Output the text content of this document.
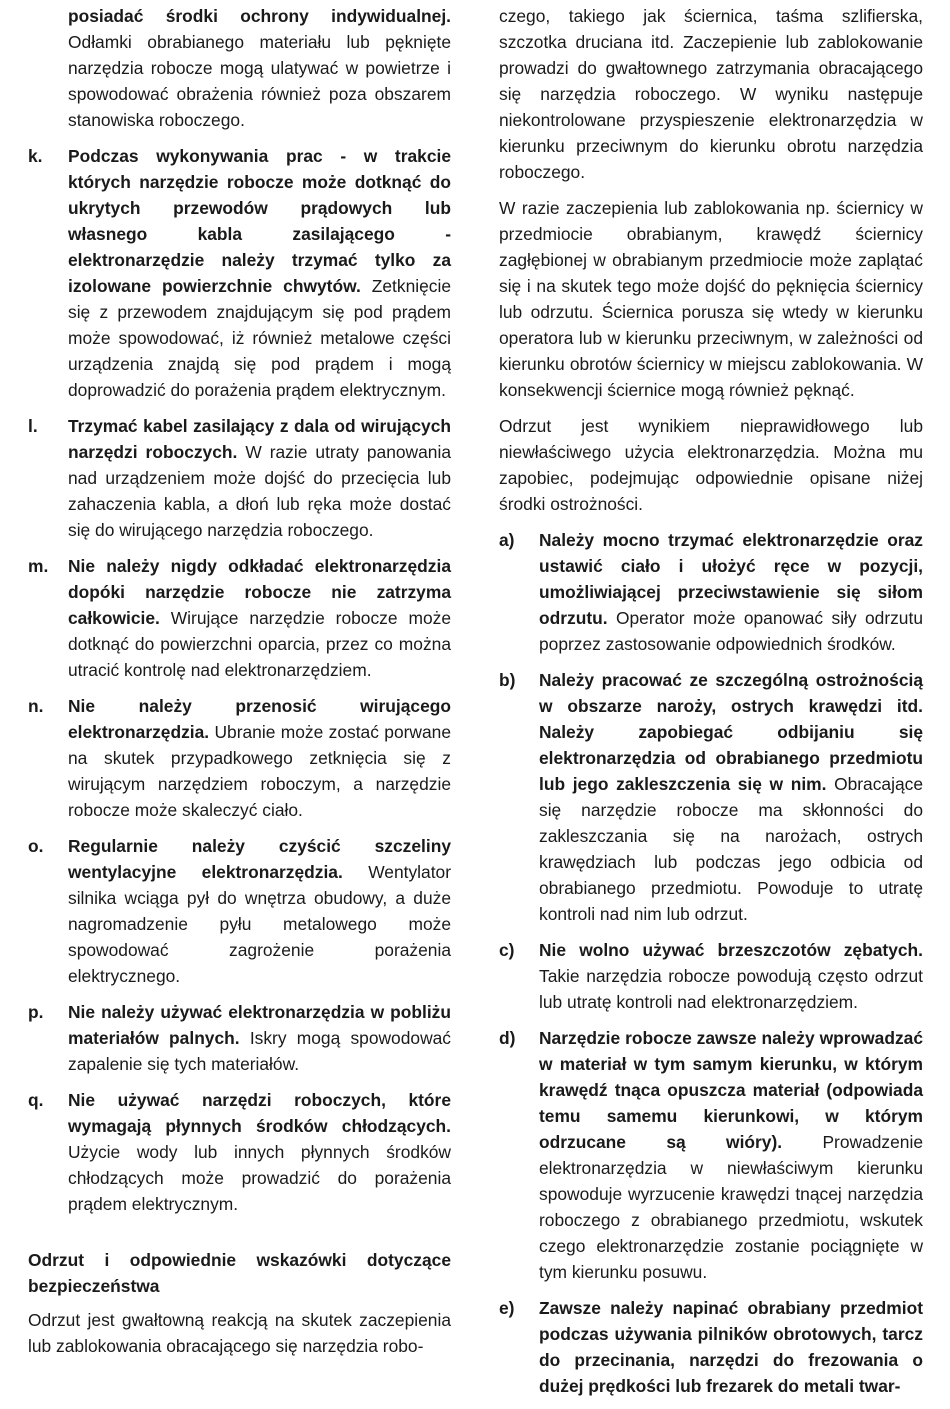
posiadać środki ochrony indywidualnej. Odłamki obrabianego materiału lub pęknięte narzędzia robocze mogą ulatywać w powietrze i spowodować obrażenia również poza obszarem stanowiska roboczego.
k. Podczas wykonywania prac - w trakcie których narzędzie robocze może dotknąć do ukrytych przewodów prądowych lub własnego kabla zasilającego - elektronarzędzie należy trzymać tylko za izolowane powierzchnie chwytów. Zetknięcie się z przewodem znajdującym się pod prądem może spowodować, iż również metalowe części urządzenia znajdą się pod prądem i mogą doprowadzić do porażenia prądem elektrycznym.
l. Trzymać kabel zasilający z dala od wirujących narzędzi roboczych. W razie utraty panowania nad urządzeniem może dojść do przecięcia lub zahaczenia kabla, a dłoń lub ręka może dostać się do wirującego narzędzia roboczego.
m. Nie należy nigdy odkładać elektronarzędzia dopóki narzędzie robocze nie zatrzyma całkowicie. Wirujące narzędzie robocze może dotknąć do powierzchni oparcia, przez co można utracić kontrolę nad elektronarzędziem.
n. Nie należy przenosić wirującego elektronarzędzia. Ubranie może zostać porwane na skutek przypadkowego zetknięcia się z wirującym narzędziem roboczym, a narzędzie robocze może skaleczyć ciało.
o. Regularnie należy czyścić szczeliny wentylacyjne elektronarzędzia. Wentylator silnika wciąga pył do wnętrza obudowy, a duże nagromadzenie pyłu metalowego może spowodować zagrożenie porażenia elektrycznego.
p. Nie należy używać elektronarzędzia w pobliżu materiałów palnych. Iskry mogą spowodować zapalenie się tych materiałów.
q. Nie używać narzędzi roboczych, które wymagają płynnych środków chłodzących. Użycie wody lub innych płynnych środków chłodzących może prowadzić do porażenia prądem elektrycznym.
Odrzut i odpowiednie wskazówki dotyczące bezpieczeństwa

Odrzut jest gwałtowną reakcją na skutek zaczepienia lub zablokowania obracającego się narzędzia robo-

czego, takiego jak ściernica, taśma szlifierska, szczotka druciana itd. Zaczepienie lub zablokowanie prowadzi do gwałtownego zatrzymania obracającego się narzędzia roboczego. W wyniku następuje niekontrolowane przyspieszenie elektronarzędzia w kierunku przeciwnym do kierunku obrotu narzędzia roboczego.

W razie zaczepienia lub zablokowania np. ściernicy w przedmiocie obrabianym, krawędź ściernicy zagłębionej w obrabianym przedmiocie może zaplątać się i na skutek tego może dojść do pęknięcia ściernicy lub odrzutu. Ściernica porusza się wtedy w kierunku operatora lub w kierunku przeciwnym, w zależności od kierunku obrotów ściernicy w miejscu zablokowania. W konsekwencji ściernice mogą również pęknąć.

Odrzut jest wynikiem nieprawidłowego lub niewłaściwego użycia elektronarzędzia. Można mu zapobiec, podejmując odpowiednie opisane niżej środki ostrożności.

a) Należy mocno trzymać elektronarzędzie oraz ustawić ciało i ułożyć ręce w pozycji, umożliwiającej przeciwstawienie się siłom odrzutu. Operator może opanować siły odrzutu poprzez zastosowanie odpowiednich środków.
b) Należy pracować ze szczególną ostrożnością w obszarze naroży, ostrych krawędzi itd. Należy zapobiegać odbijaniu się elektronarzędzia od obrabianego przedmiotu lub jego zakleszczenia się w nim. Obracające się narzędzie robocze ma skłonności do zakleszczania się na narożach, ostrych krawędziach lub podczas jego odbicia od obrabianego przedmiotu. Powoduje to utratę kontroli nad nim lub odrzut.
c) Nie wolno używać brzeszczotów zębatych. Takie narzędzia robocze powodują często odrzut lub utratę kontroli nad elektronarzędziem.
d) Narzędzie robocze zawsze należy wprowadzać w materiał w tym samym kierunku, w którym krawędź tnąca opuszcza materiał (odpowiada temu samemu kierunkowi, w którym odrzucane są wióry). Prowadzenie elektronarzędzia w niewłaściwym kierunku spowoduje wyrzucenie krawędzi tnącej narzędzia roboczego z obrabianego przedmiotu, wskutek czego elektronarzędzie zostanie pociągnięte w tym kierunku posuwu.
e) Zawsze należy napinać obrabiany przedmiot podczas używania pilników obrotowych, tarcz do przecinania, narzędzi do frezowania o dużej prędkości lub frezarek do metali twar-
